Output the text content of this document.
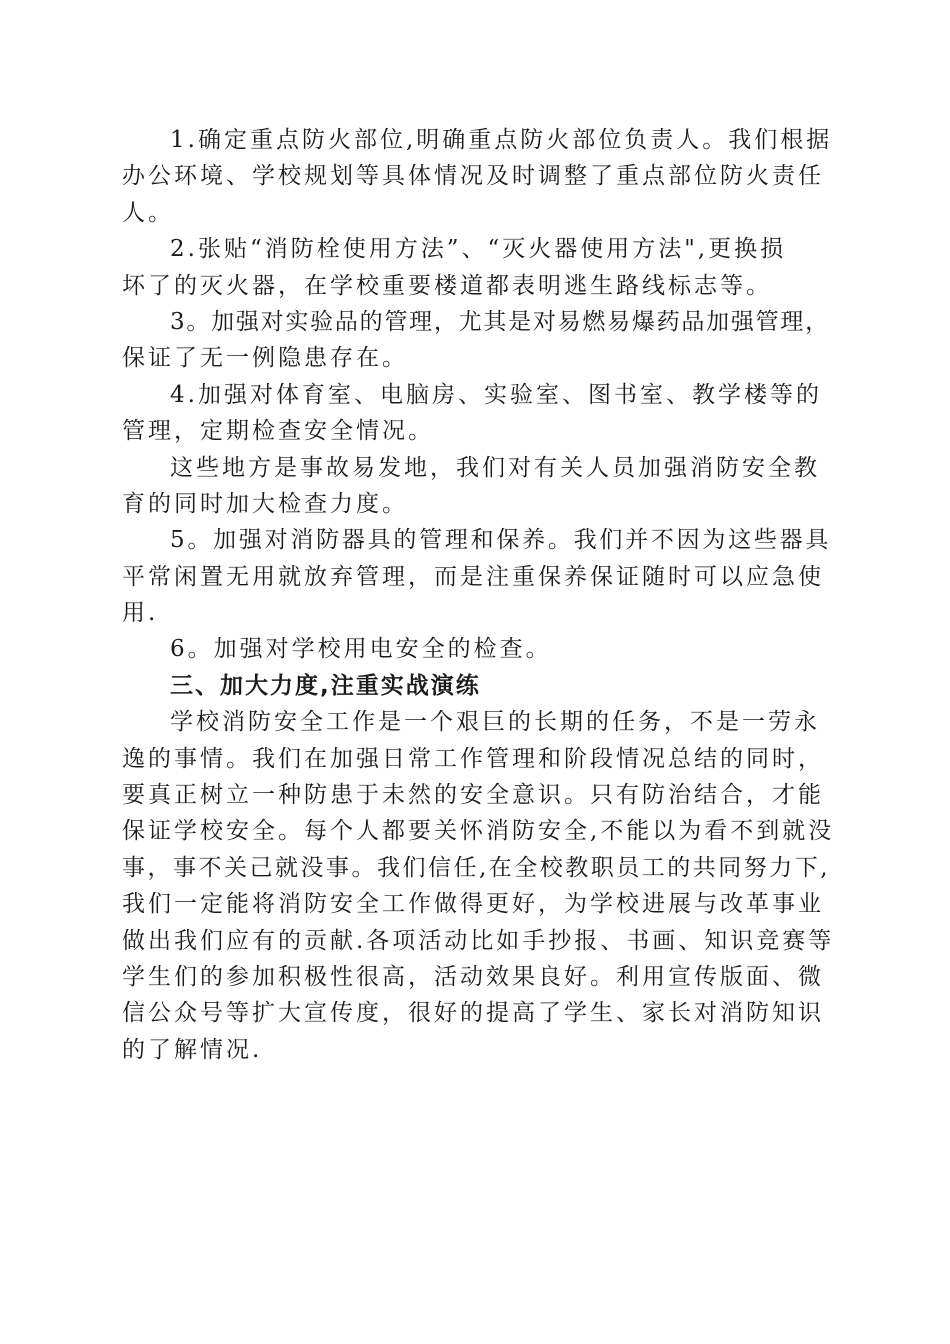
1.确定重点防火部位,明确重点防火部位负责人。我们根据
办公环境、学校规划等具体情况及时调整了重点部位防火责任
人。
2.张贴“消防栓使用方法”、“灭火器使用方法",更换损
坏了的灭火器，在学校重要楼道都表明逃生路线标志等。
3。加强对实验品的管理，尤其是对易燃易爆药品加强管理，
保证了无一例隐患存在。
4.加强对体育室、电脑房、实验室、图书室、教学楼等的
管理，定期检查安全情况。
这些地方是事故易发地，我们对有关人员加强消防安全教
育的同时加大检查力度。
5。加强对消防器具的管理和保养。我们并不因为这些器具
平常闲置无用就放弃管理，而是注重保养保证随时可以应急使
用.
6。加强对学校用电安全的检查。
三、加大力度,注重实战演练
学校消防安全工作是一个艰巨的长期的任务，不是一劳永
逸的事情。我们在加强日常工作管理和阶段情况总结的同时，
要真正树立一种防患于未然的安全意识。只有防治结合，才能
保证学校安全。每个人都要关怀消防安全,不能以为看不到就没
事，事不关己就没事。我们信任,在全校教职员工的共同努力下,
我们一定能将消防安全工作做得更好，为学校进展与改革事业
做出我们应有的贡献.各项活动比如手抄报、书画、知识竞赛等
学生们的参加积极性很高，活动效果良好。利用宣传版面、微
信公众号等扩大宣传度，很好的提高了学生、家长对消防知识
的了解情况.
